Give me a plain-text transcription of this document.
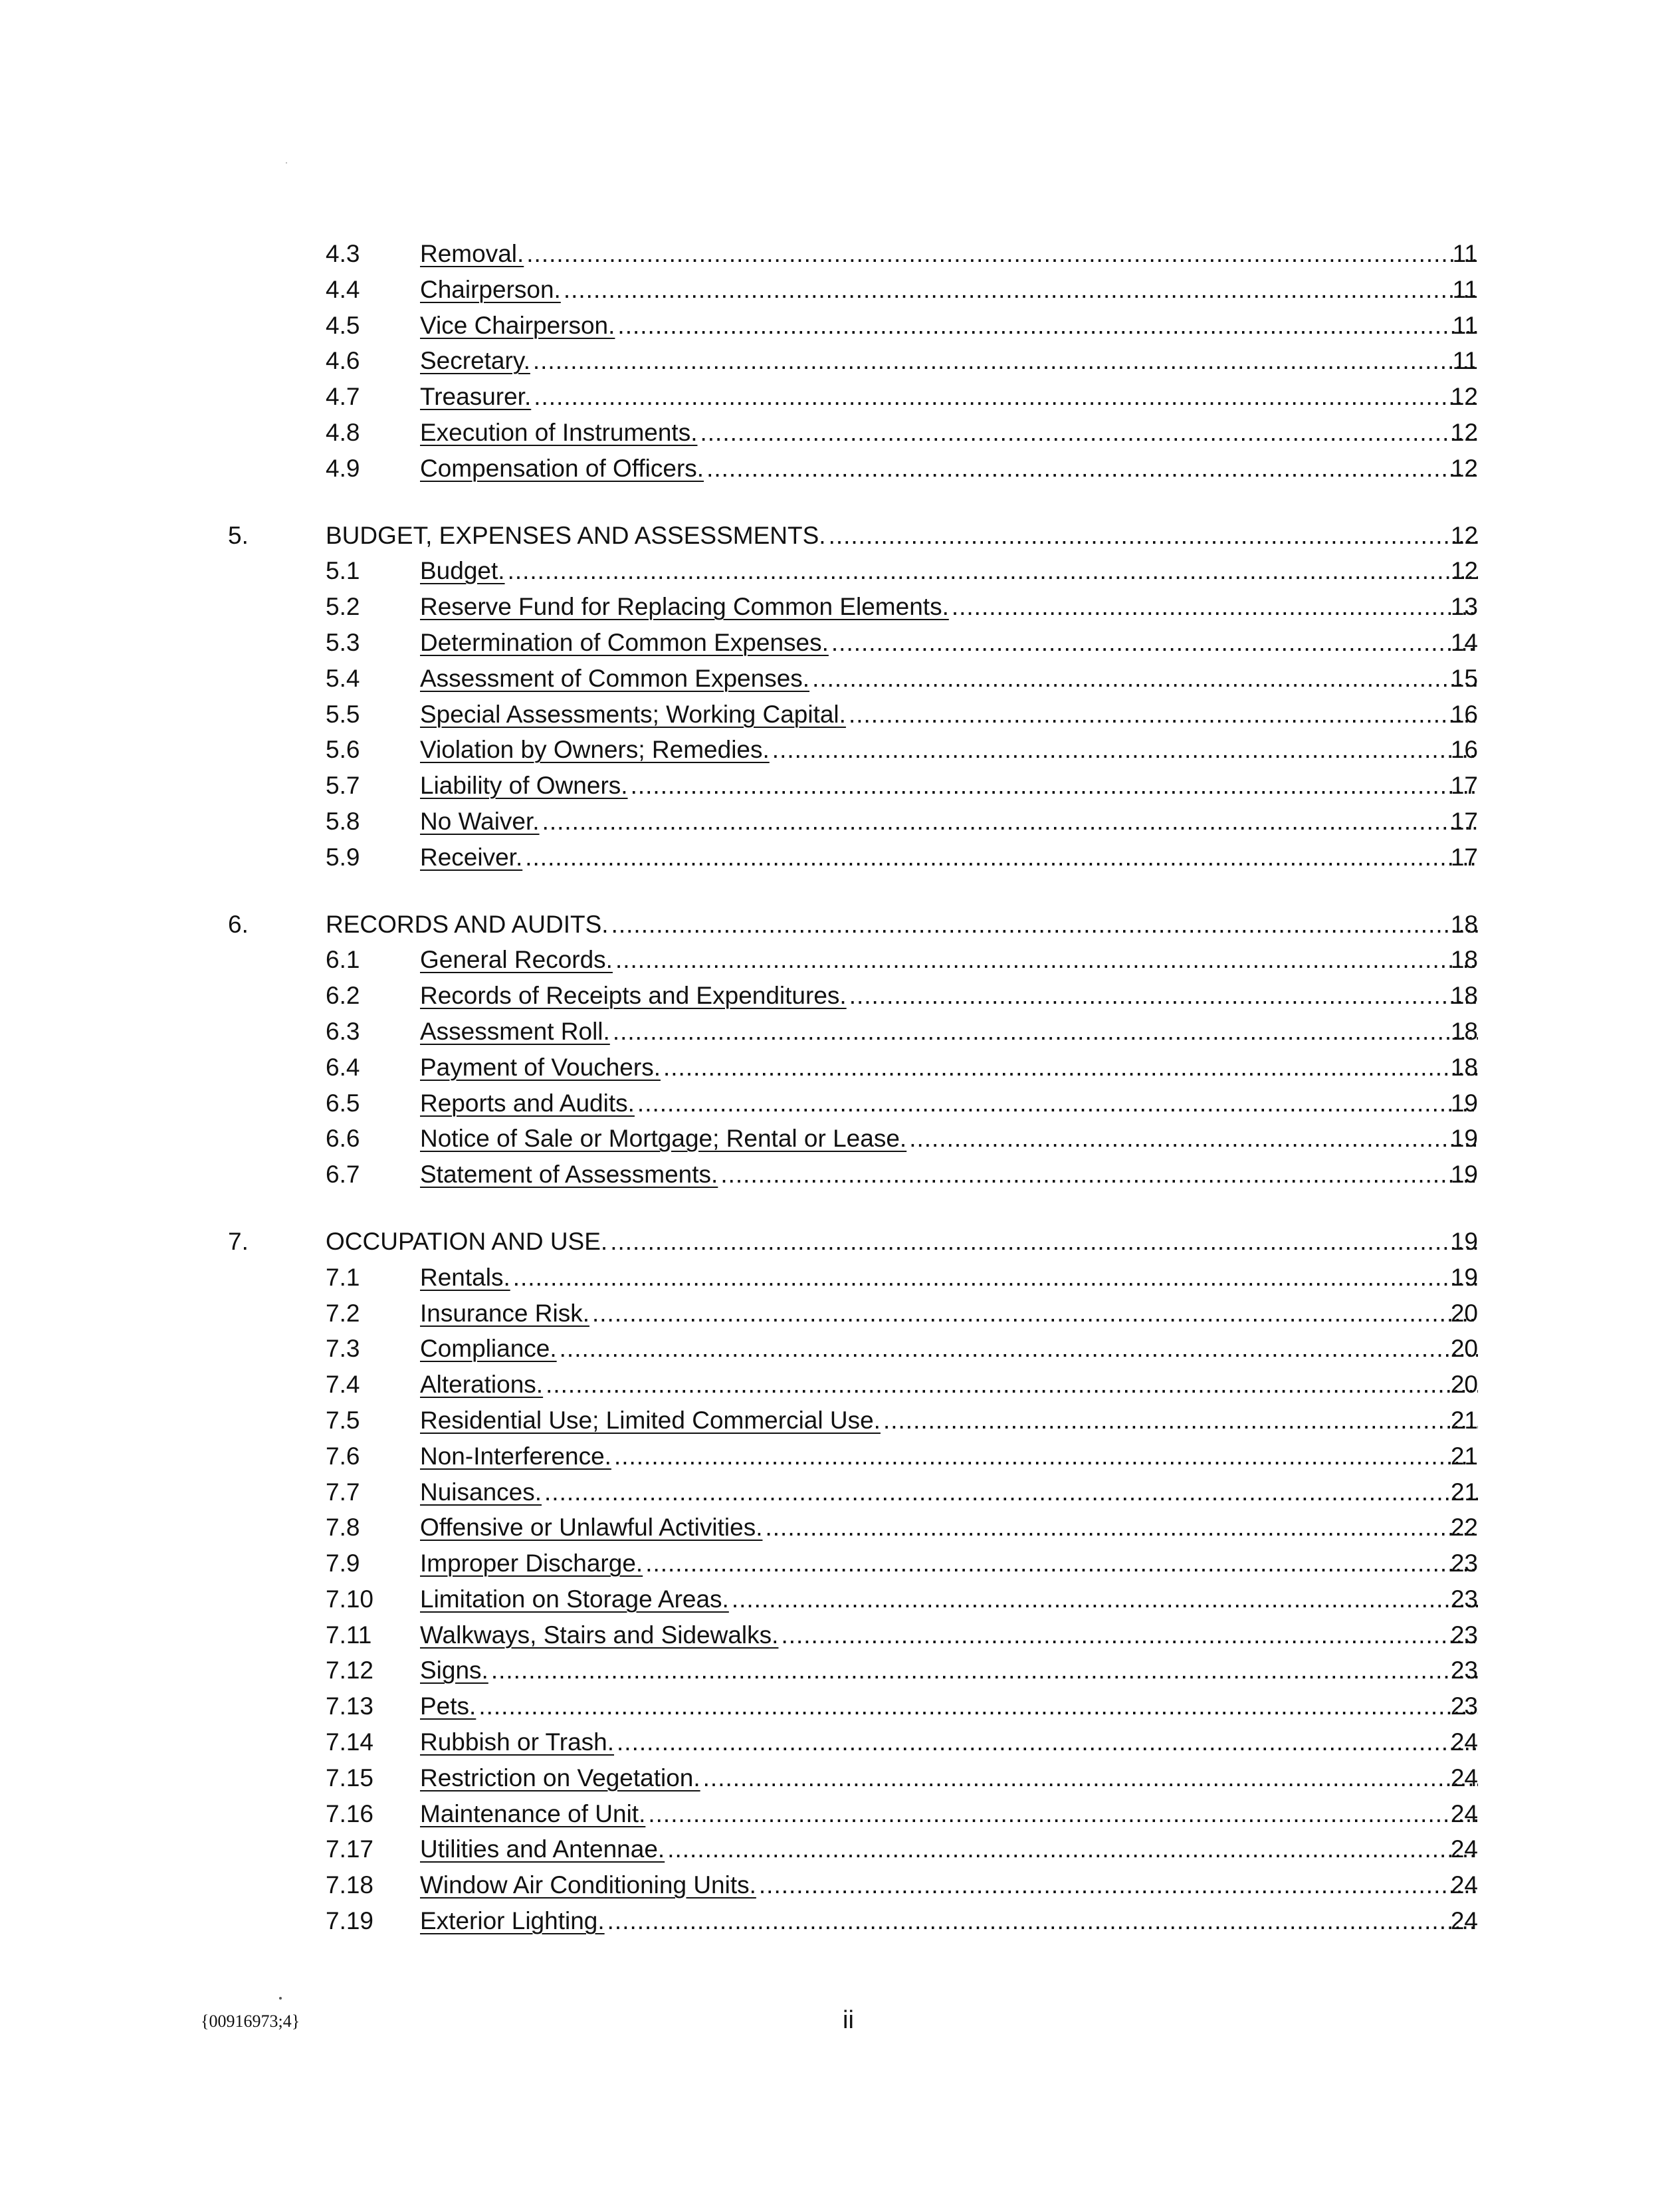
4.3 Removal. .....	11
4.4 Chairperson. .....	11
4.5 Vice Chairperson. .....	11
4.6 Secretary. .....	11
4.7 Treasurer. .....	12
4.8 Execution of Instruments. .....	12
4.9 Compensation of Officers. .....	12
5.	BUDGET, EXPENSES AND ASSESSMENTS. .....	12
5.1 Budget. .....	12
5.2 Reserve Fund for Replacing Common Elements. .....	13
5.3 Determination of Common Expenses. .....	14
5.4 Assessment of Common Expenses. .....	15
5.5 Special Assessments; Working Capital. .....	16
5.6 Violation by Owners; Remedies. .....	16
5.7 Liability of Owners. .....	17
5.8 No Waiver. .....	17
5.9 Receiver. .....	17
6.	RECORDS AND AUDITS. .....	18
6.1 General Records. .....	18
6.2 Records of Receipts and Expenditures. .....	18
6.3 Assessment Roll. .....	18
6.4 Payment of Vouchers. .....	18
6.5 Reports and Audits. .....	19
6.6 Notice of Sale or Mortgage; Rental or Lease. .....	19
6.7 Statement of Assessments. .....	19
7.	OCCUPATION AND USE. .....	19
7.1 Rentals. .....	19
7.2 Insurance Risk. .....	20
7.3 Compliance. .....	20
7.4 Alterations. .....	20
7.5 Residential Use; Limited Commercial Use. .....	21
7.6 Non-Interference. .....	21
7.7 Nuisances. .....	21
7.8 Offensive or Unlawful Activities. .....	22
7.9 Improper Discharge. .....	23
7.10 Limitation on Storage Areas. .....	23
7.11 Walkways, Stairs and Sidewalks. .....	23
7.12 Signs. .....	23
7.13 Pets. .....	23
7.14 Rubbish or Trash. .....	24
7.15 Restriction on Vegetation. .....	24
7.16 Maintenance of Unit. .....	24
7.17 Utilities and Antennae. .....	24
7.18 Window Air Conditioning Units. .....	24
7.19 Exterior Lighting. .....	24
{00916973;4}	ii
